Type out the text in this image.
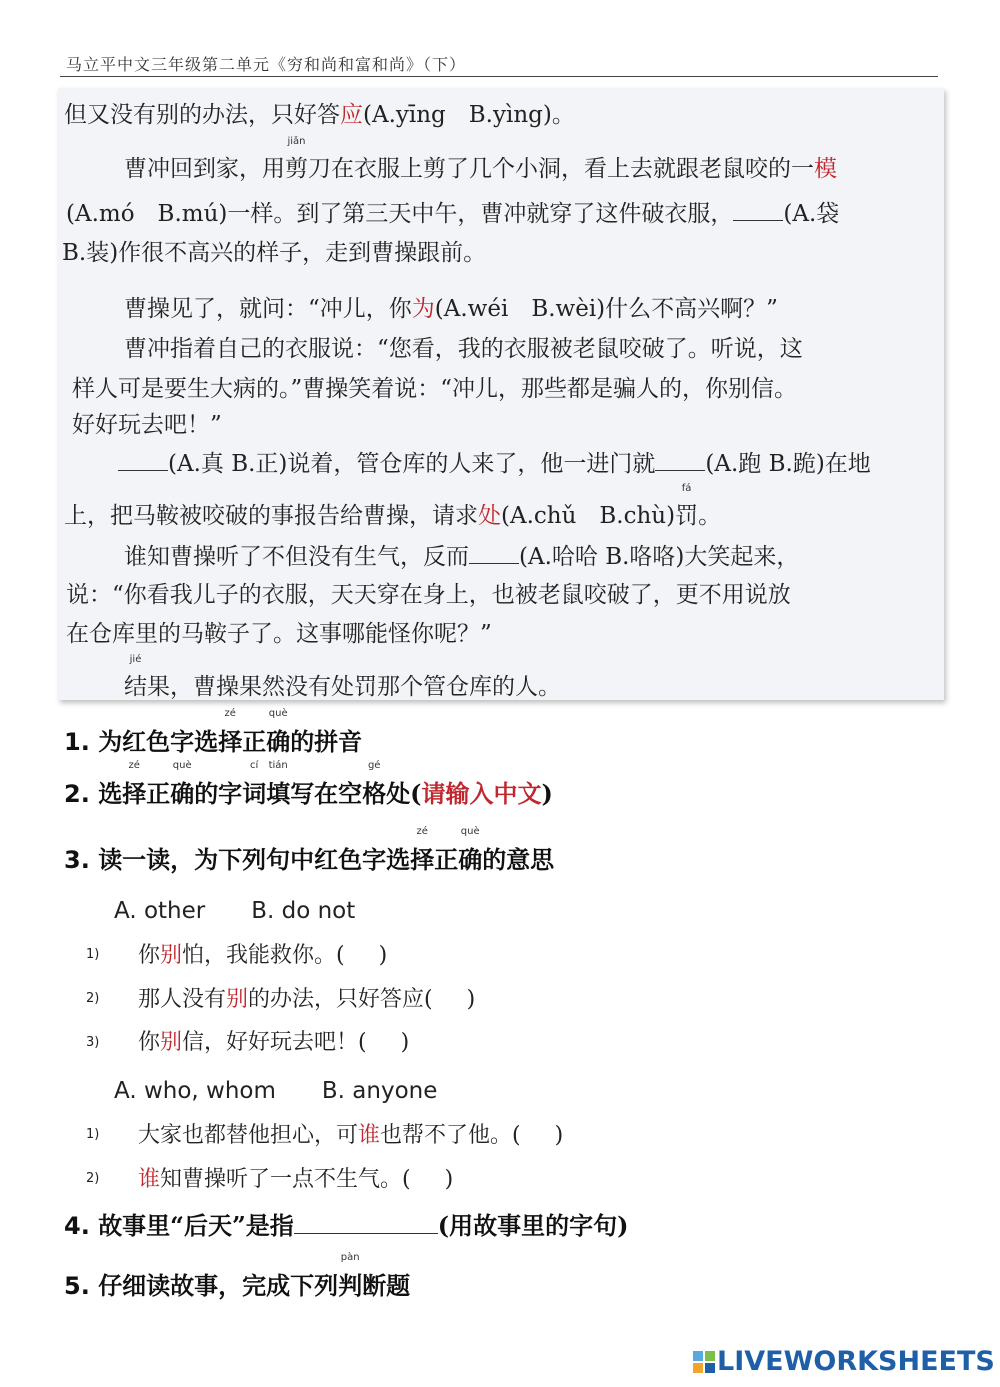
马立平中文三年级第二单元《穷和尚和富和尚》（下）
但又没有别的办法，只好答应(A.yīng　B.yìng)。
曹冲回到家，用
jiǎn
剪刀在衣服上剪了几个小洞，看上去就跟老鼠咬的一模
(A.mó　B.mú)一样。到了第三天中午，曹冲就穿了这件破衣服， (A.袋
B.装)作很不高兴的样子，走到曹操跟前。
曹操见了，就问：“冲儿，你为(A.wéi　B.wèi)什么不高兴啊？”
曹冲指着自己的衣服说：“您看，我的衣服被老鼠咬破了。听说，这
样人可是要生大病的。”曹操笑着说：“冲儿，那些都是骗人的，你别信。
好好玩去吧！”
(A.真 B.正)说着，管仓库的人来了，他一进门就 (A.跑 B.跪)在地
上，把马鞍被咬破的事报告给曹操，请求处(A.chǔ　B.chù)
fá
罚。
谁知曹操听了不但没有生气，反而 (A.哈哈 B.咯咯)大笑起来，
说：“你看我儿子的衣服，天天穿在身上，也被老鼠咬破了，更不用说放
在仓库里的马鞍子了。这事哪能怪你呢？”
jié
结果，曹操果然没有处罚那个管仓库的人。
1. 为红色字选
zé
择正
què
确的拼音
2. 选
zé
择正
què
确的字
cí
词
tián
填写在空
gé
格处(请输入中文)
3. 读一读，为下列句中红色字选
zé
择正
què
确的意思
A. other　　B. do not
1) 你别怕，我能救你。( )
2) 那人没有别的办法，只好答应( )
3) 你别信，好好玩去吧！( )
A. who, whom　　B. anyone
1) 大家也都替他担心，可谁也帮不了他。( )
2) 谁知曹操听了一点不生气。( )
4. 故事里“后天”是指	(用故事里的字句)
5. 仔细读故事，完成下列
pàn
判断题
LIVEWORKSHEETS
